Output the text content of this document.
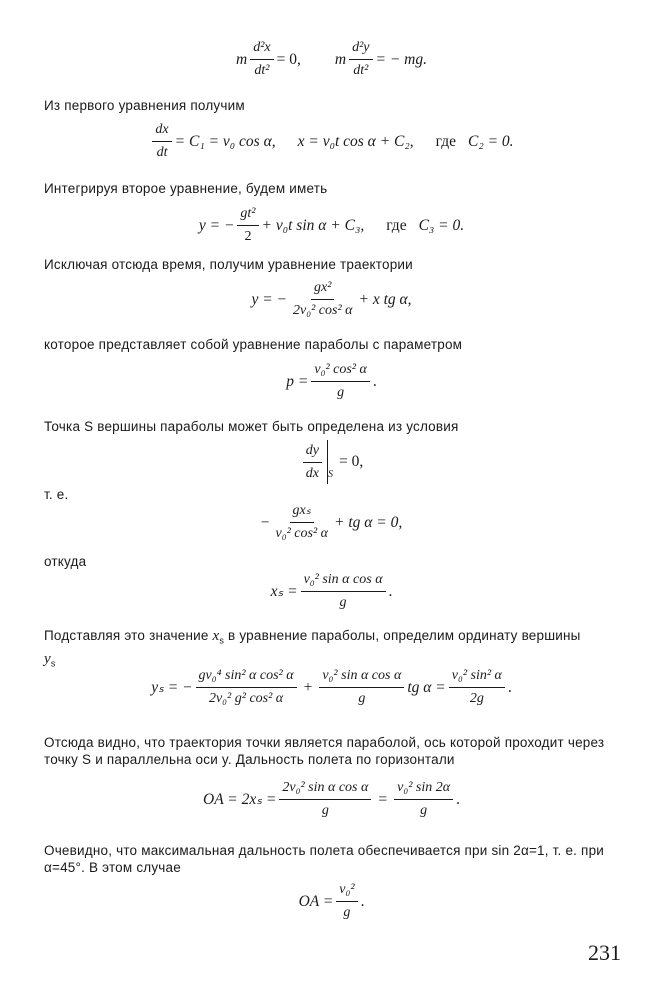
m $\frac{\text{d²x}}{\text{dt²}} = 0$, m $\frac{\text{d²y}}{\text{dt²}}$ = − mg.
Из первого уравнения получим
$\frac{dx}{dt} = C_1 = v_0$ cos α, x = v₀t cos α + C₂, где C₂ = 0.
Интегрируя второе уравнение, будем иметь
y = − $\frac{\text{gt²}}{2} + v_0t$ sin α + C₃, где C₃ = 0.
Исключая отсюда время, получим уравнение траектории
y = − $\frac{\text{gx²}}{\text{2v₀² cos² α}} + x$ tg α,
которое представляет собой уравнение параболы с параметром
$p = \frac{\text{v₀² cos² α}}{g}$ .
Точка S вершины параболы может быть определена из условия
$\frac{dy}{dx}$ S
= 0,
т. е.
− $\frac{\text{gxₛ}}{\text{v₀² cos² α}}$ + tg α = 0,
откуда
$x_s = \frac{\text{v₀² sin α cos α}}{g}$ .
Подставляя это значение $x_s$ в уравнение параболы, определим ординату вершины
$y_s$
yₛ = − $\frac{\text{gv₀⁴ sin² α cos² α}}{\text{2v₀² g² cos² α}} + \frac{\text{v₀² sin α cos α}}{g}$ tg $\alpha = \frac{\text{v₀² sin² α}}{2g}$ .
Отсюда видно, что траектория точки является параболой, ось которой проходит через точку S и параллельна оси y. Дальность полета по горизонтали
OA = $2x_s = \frac{\text{2v₀² sin α cos α}}{g} = \frac{\text{v₀² sin 2α}}{g}$ .
Очевидно, что максимальная дальность полета обеспечивается при sin 2α=1, т. е. при α=45°. В этом случае
OA = $\frac{\text{v₀²}}{g}$ .
231
